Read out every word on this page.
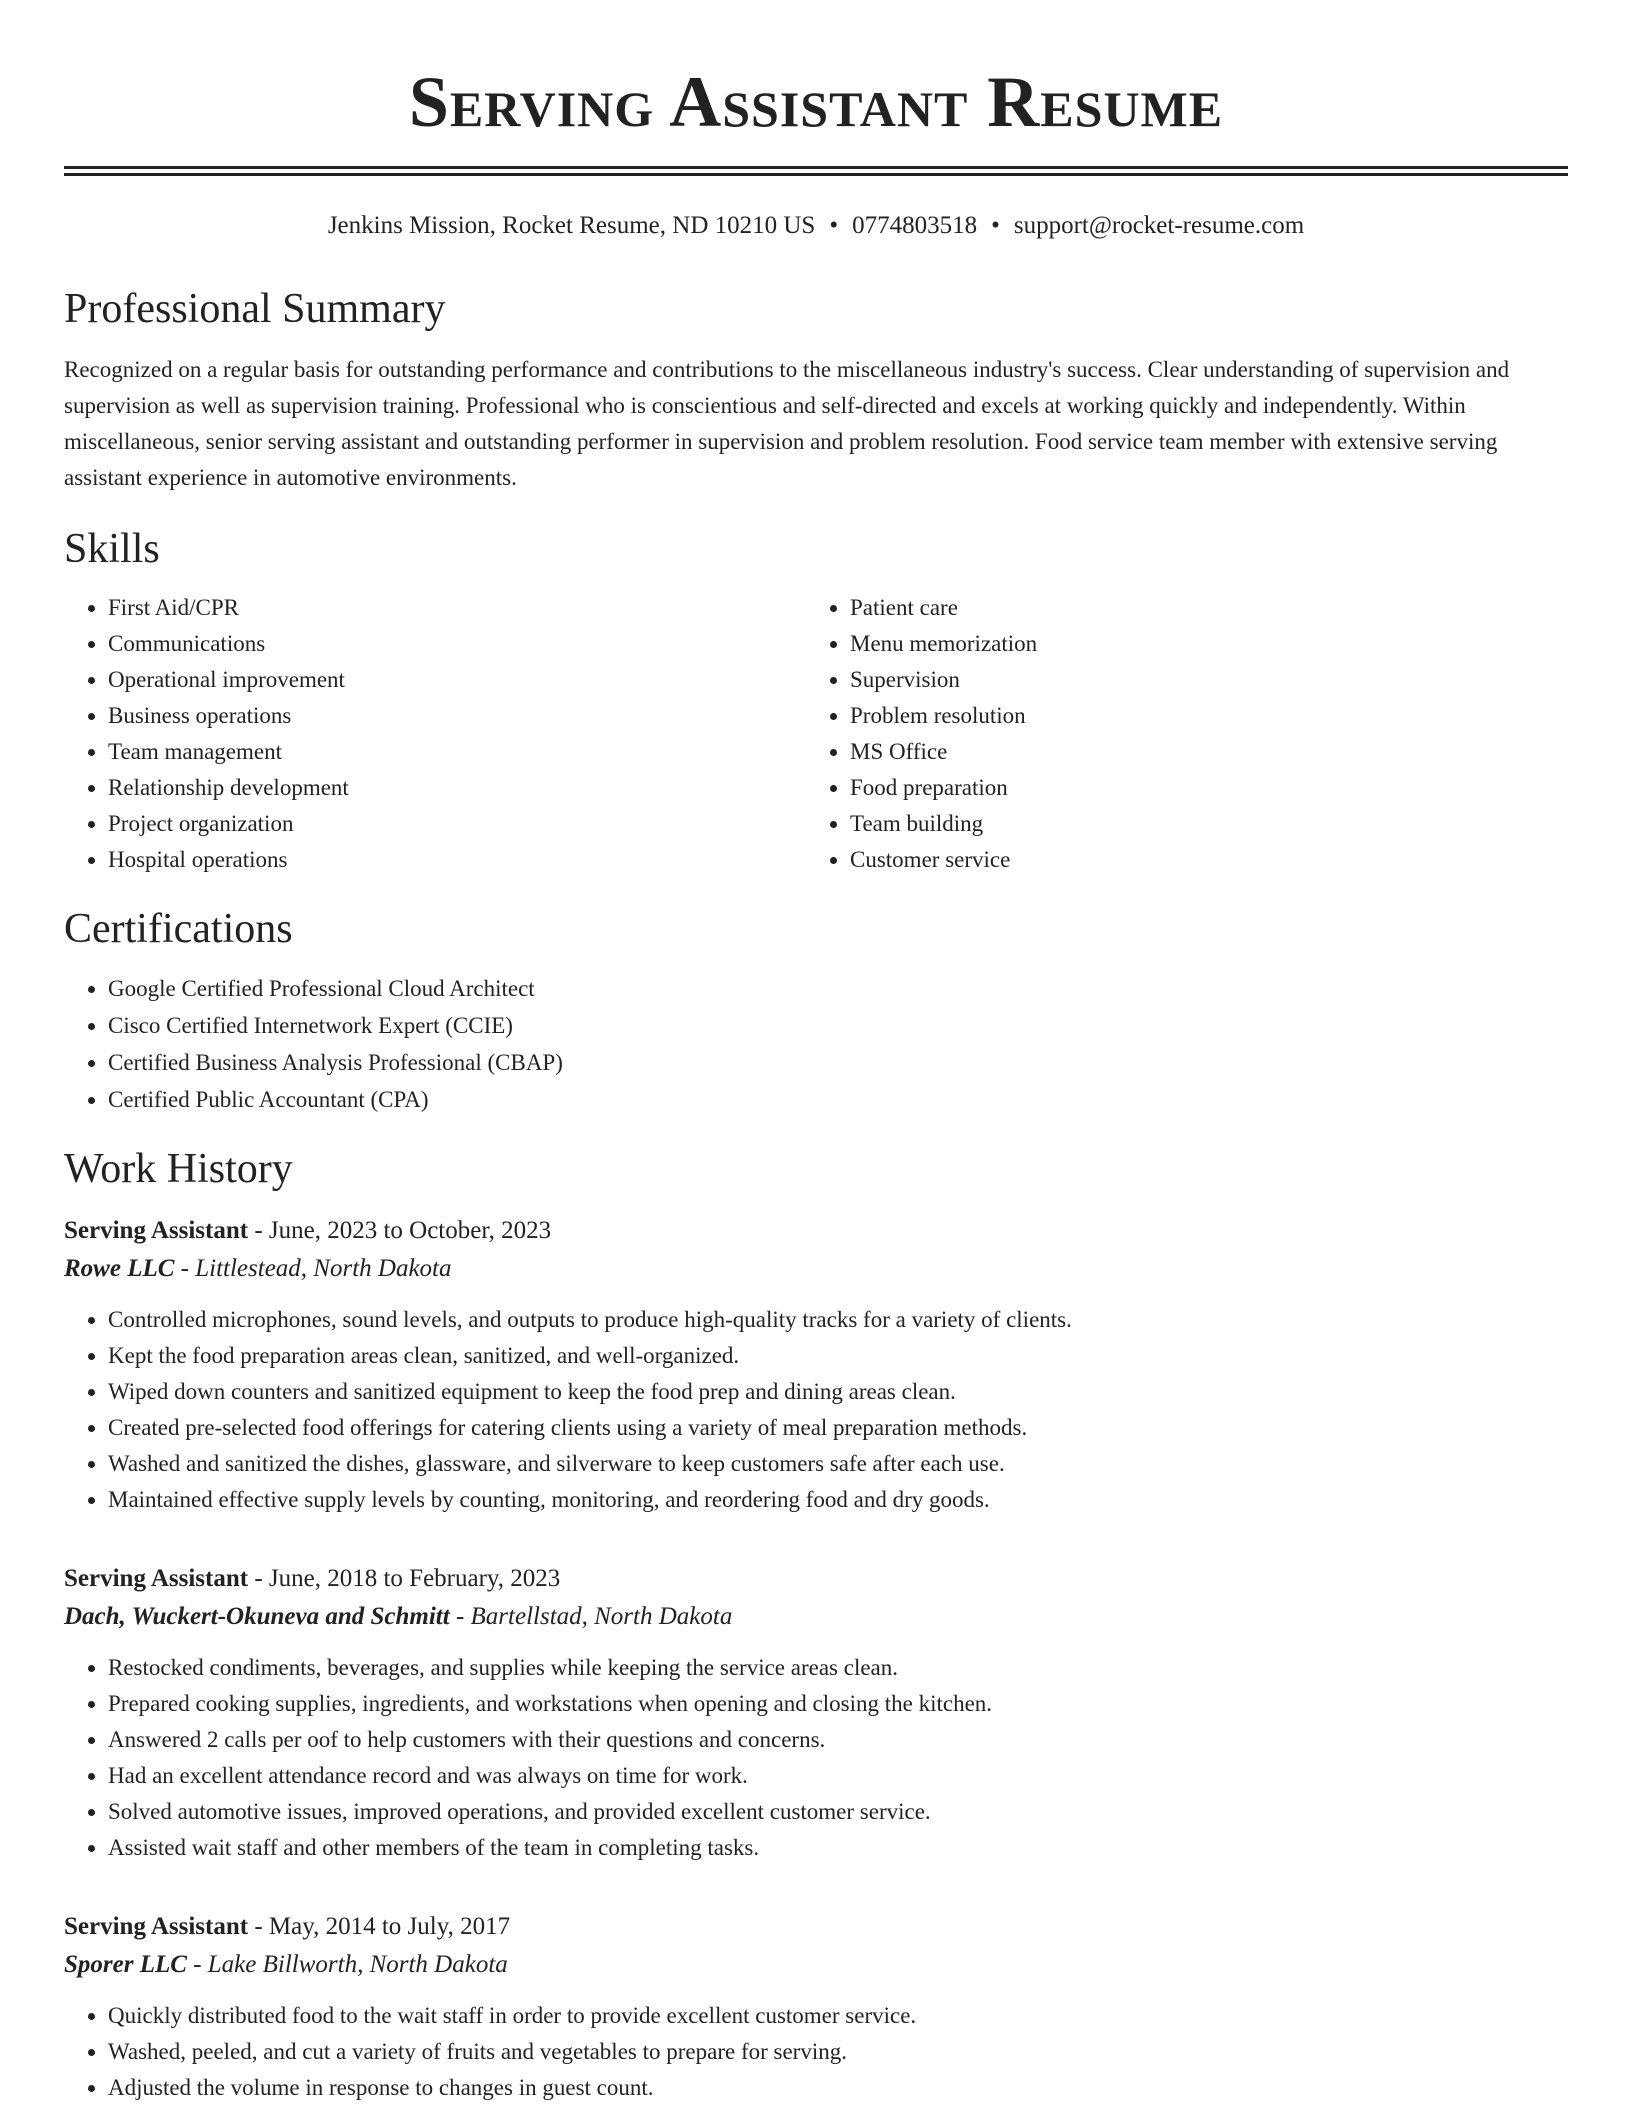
Serving Assistant Resume
Jenkins Mission, Rocket Resume, ND 10210 US • 0774803518 • support@rocket-resume.com
Professional Summary

Recognized on a regular basis for outstanding performance and contributions to the miscellaneous industry's success. Clear understanding of supervision and supervision as well as supervision training. Professional who is conscientious and self-directed and excels at working quickly and independently. Within miscellaneous, senior serving assistant and outstanding performer in supervision and problem resolution. Food service team member with extensive serving assistant experience in automotive environments.

Skills
• First Aid/CPR
• Communications
• Operational improvement
• Business operations
• Team management
• Relationship development
• Project organization
• Hospital operations
• Patient care
• Menu memorization
• Supervision
• Problem resolution
• MS Office
• Food preparation
• Team building
• Customer service
Certifications
• Google Certified Professional Cloud Architect
• Cisco Certified Internetwork Expert (CCIE)
• Certified Business Analysis Professional (CBAP)
• Certified Public Accountant (CPA)
Work History
Serving Assistant - June, 2023 to October, 2023
Rowe LLC - Littlestead, North Dakota
• Controlled microphones, sound levels, and outputs to produce high-quality tracks for a variety of clients.
• Kept the food preparation areas clean, sanitized, and well-organized.
• Wiped down counters and sanitized equipment to keep the food prep and dining areas clean.
• Created pre-selected food offerings for catering clients using a variety of meal preparation methods.
• Washed and sanitized the dishes, glassware, and silverware to keep customers safe after each use.
• Maintained effective supply levels by counting, monitoring, and reordering food and dry goods.
Serving Assistant - June, 2018 to February, 2023
Dach, Wuckert-Okuneva and Schmitt - Bartellstad, North Dakota
• Restocked condiments, beverages, and supplies while keeping the service areas clean.
• Prepared cooking supplies, ingredients, and workstations when opening and closing the kitchen.
• Answered 2 calls per oof to help customers with their questions and concerns.
• Had an excellent attendance record and was always on time for work.
• Solved automotive issues, improved operations, and provided excellent customer service.
• Assisted wait staff and other members of the team in completing tasks.
Serving Assistant - May, 2014 to July, 2017
Sporer LLC - Lake Billworth, North Dakota
• Quickly distributed food to the wait staff in order to provide excellent customer service.
• Washed, peeled, and cut a variety of fruits and vegetables to prepare for serving.
• Adjusted the volume in response to changes in guest count.
